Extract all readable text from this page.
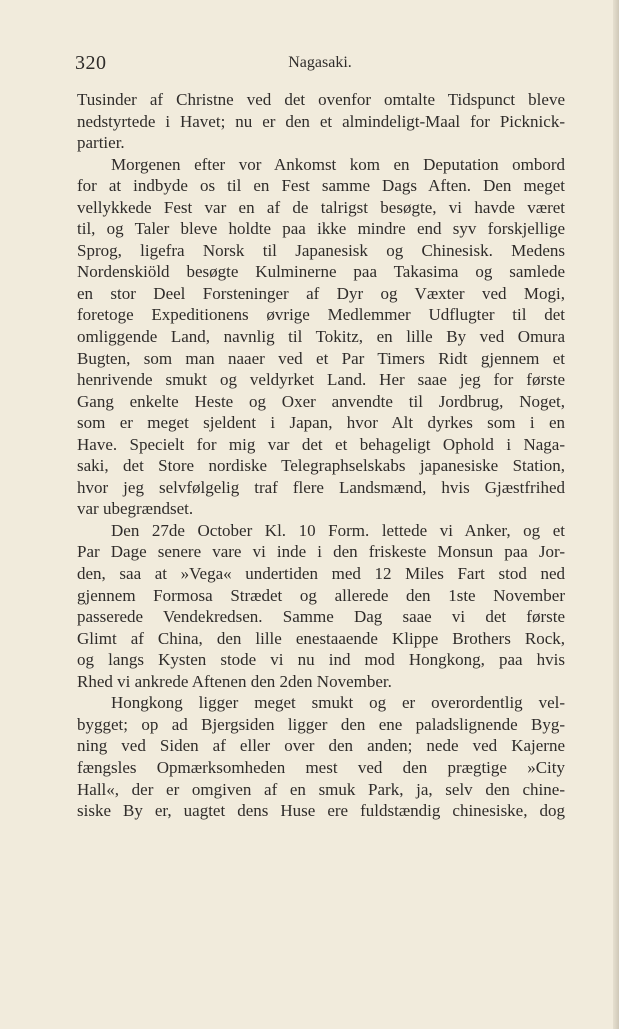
320	Nagasaki.
Tusinder af Christne ved det ovenfor omtalte Tidspunct bleve
nedstyrtede i Havet; nu er den et almindeligt-Maal for Picknick-
partier.
Morgenen efter vor Ankomst kom en Deputation ombord
for at indbyde os til en Fest samme Dags Aften. Den meget
vellykkede Fest var en af de talrigst besøgte, vi havde været
til, og Taler bleve holdte paa ikke mindre end syv forskjellige
Sprog, ligefra Norsk til Japanesisk og Chinesisk. Medens
Nordenskiöld besøgte Kulminerne paa Takasima og samlede
en stor Deel Forsteninger af Dyr og Væxter ved Mogi,
foretoge Expeditionens øvrige Medlemmer Udflugter til det
omliggende Land, navnlig til Tokitz, en lille By ved Omura
Bugten, som man naaer ved et Par Timers Ridt gjennem et
henrivende smukt og veldyrket Land. Her saae jeg for første
Gang enkelte Heste og Oxer anvendte til Jordbrug, Noget,
som er meget sjeldent i Japan, hvor Alt dyrkes som i en
Have. Specielt for mig var det et behageligt Ophold i Naga-
saki, det Store nordiske Telegraphselskabs japanesiske Station,
hvor jeg selvfølgelig traf flere Landsmænd, hvis Gjæstfrihed
var ubegrændset.
Den 27de October Kl. 10 Form. lettede vi Anker, og et
Par Dage senere vare vi inde i den friskeste Monsun paa Jor-
den, saa at »Vega« undertiden med 12 Miles Fart stod ned
gjennem Formosa Strædet og allerede den 1ste November
passerede Vendekredsen. Samme Dag saae vi det første
Glimt af China, den lille enestaaende Klippe Brothers Rock,
og langs Kysten stode vi nu ind mod Hongkong, paa hvis
Rhed vi ankrede Aftenen den 2den November.
Hongkong ligger meget smukt og er overordentlig vel-
bygget; op ad Bjergsiden ligger den ene paladslignende Byg-
ning ved Siden af eller over den anden; nede ved Kajerne
fængsles Opmærksomheden mest ved den prægtige »City
Hall«, der er omgiven af en smuk Park, ja, selv den chine-
siske By er, uagtet dens Huse ere fuldstændig chinesiske, dog
